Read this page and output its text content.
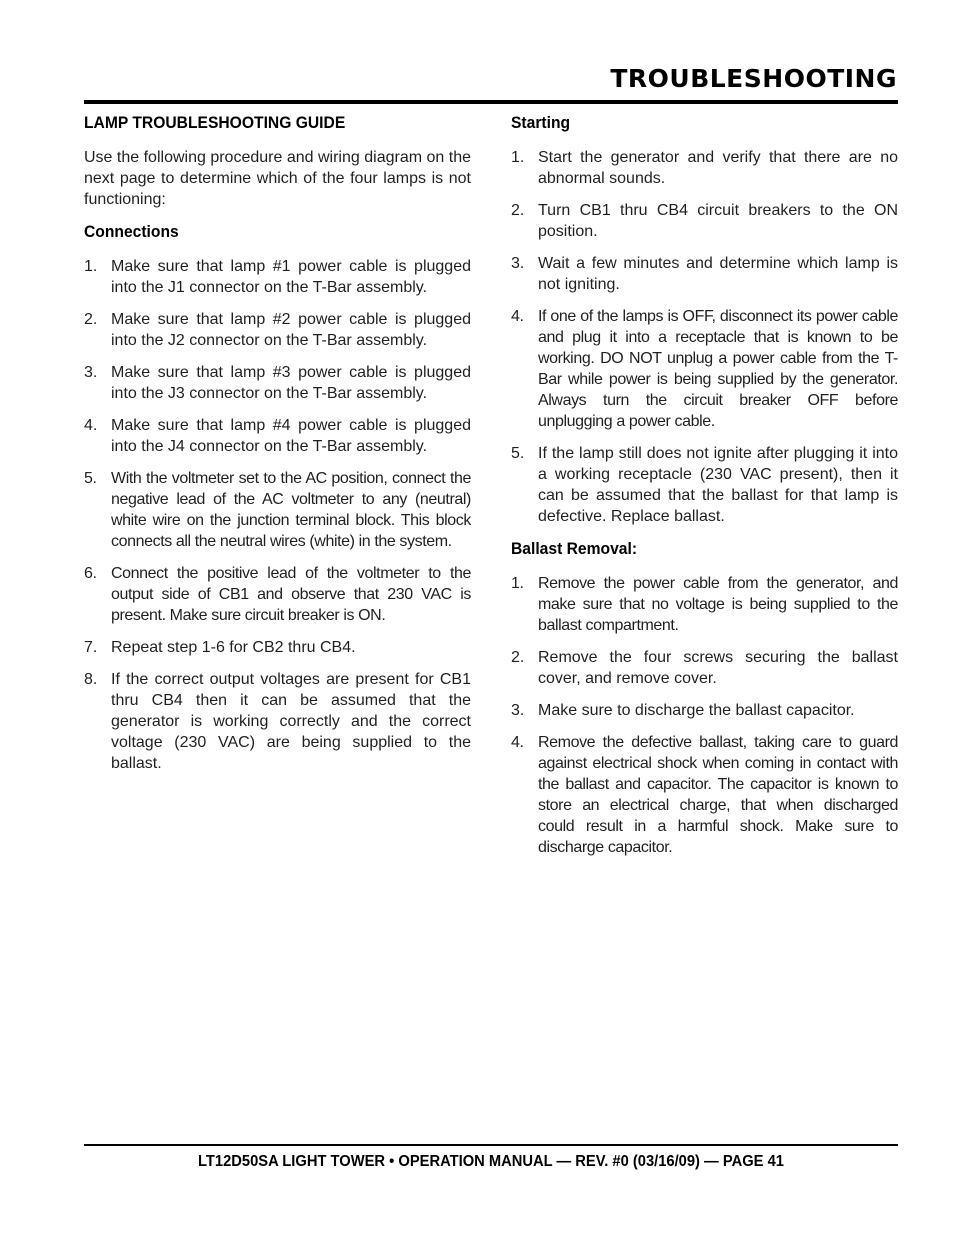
TROUBLESHOOTING
LAMP TROUBLESHOOTING GUIDE

Use the following procedure and wiring diagram on the next page to determine which of the four lamps is not functioning:

Connections
1. Make sure that lamp #1 power cable is plugged into the J1 connector on the T-Bar assembly.
2. Make sure that lamp #2 power cable is plugged into the J2 connector on the T-Bar assembly.
3. Make sure that lamp #3 power cable is plugged into the J3 connector on the T-Bar assembly.
4. Make sure that lamp #4 power cable is plugged into the J4 connector on the T-Bar assembly.
5. With the voltmeter set to the AC position, connect the negative lead of the AC voltmeter to any (neutral) white wire on the junction terminal block. This block connects all the neutral wires (white) in the system.
6. Connect the positive lead of the voltmeter to the output side of CB1 and observe that 230 VAC is present. Make sure circuit breaker is ON.
7. Repeat step 1-6 for CB2 thru CB4.
8. If the correct output voltages are present for CB1 thru CB4 then it can be assumed that the generator is working correctly and the correct voltage (230 VAC) are being supplied to the ballast.
Starting
1. Start the generator and verify that there are no abnormal sounds.
2. Turn CB1 thru CB4 circuit breakers to the ON position.
3. Wait a few minutes and determine which lamp is not igniting.
4. If one of the lamps is OFF, disconnect its power cable and plug it into a receptacle that is known to be working. DO NOT unplug a power cable from the T-Bar while power is being supplied by the generator. Always turn the circuit breaker OFF before unplugging a power cable.
5. If the lamp still does not ignite after plugging it into a working receptacle (230 VAC present), then it can be assumed that the ballast for that lamp is defective. Replace ballast.
Ballast Removal:
1. Remove the power cable from the generator, and make sure that no voltage is being supplied to the ballast compartment.
2. Remove the four screws securing the ballast cover, and remove cover.
3. Make sure to discharge the ballast capacitor.
4. Remove the defective ballast, taking care to guard against electrical shock when coming in contact with the ballast and capacitor. The capacitor is known to store an electrical charge, that when discharged could result in a harmful shock. Make sure to discharge capacitor.
LT12D50SA LIGHT TOWER • OPERATION MANUAL — REV. #0 (03/16/09) — PAGE 41
